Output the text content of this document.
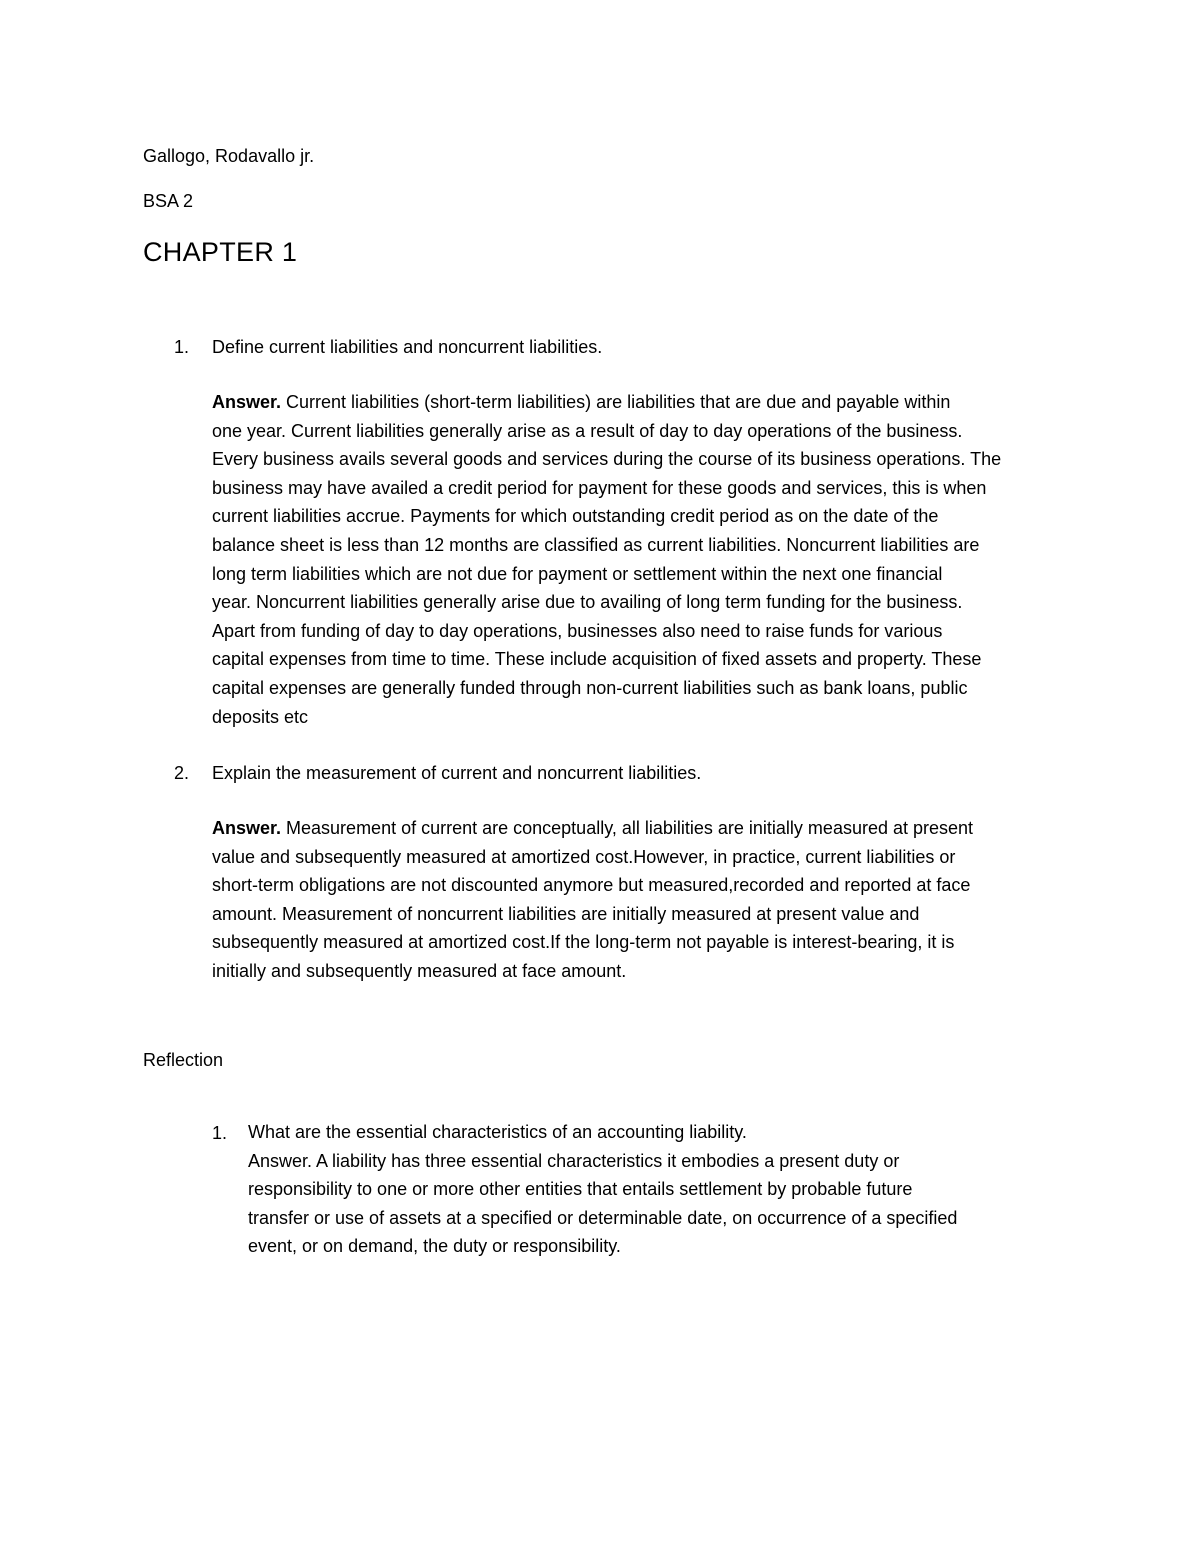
Gallogo, Rodavallo jr.
BSA 2
CHAPTER 1
1. Define current liabilities and noncurrent liabilities.
Answer. Current liabilities (short-term liabilities) are liabilities that are due and payable within
one year. Current liabilities generally arise as a result of day to day operations of the business.
Every business avails several goods and services during the course of its business operations. The
business may have availed a credit period for payment for these goods and services, this is when
current liabilities accrue. Payments for which outstanding credit period as on the date of the
balance sheet is less than 12 months are classified as current liabilities. Noncurrent liabilities are
long term liabilities which are not due for payment or settlement within the next one financial
year. Noncurrent liabilities generally arise due to availing of long term funding for the business.
Apart from funding of day to day operations, businesses also need to raise funds for various
capital expenses from time to time. These include acquisition of fixed assets and property. These
capital expenses are generally funded through non-current liabilities such as bank loans, public
deposits etc
2. Explain the measurement of current and noncurrent liabilities.
Answer. Measurement of current are conceptually, all liabilities are initially measured at present
value and subsequently measured at amortized cost.However, in practice, current liabilities or
short-term obligations are not discounted anymore but measured,recorded and reported at face
amount. Measurement of noncurrent liabilities are initially measured at present value and
subsequently measured at amortized cost.If the long-term not payable is interest-bearing, it is
initially and subsequently measured at face amount.
Reflection
1. What are the essential characteristics of an accounting liability.
Answer. A liability has three essential characteristics it embodies a present duty or
responsibility to one or more other entities that entails settlement by probable future
transfer or use of assets at a specified or determinable date, on occurrence of a specified
event, or on demand, the duty or responsibility.
